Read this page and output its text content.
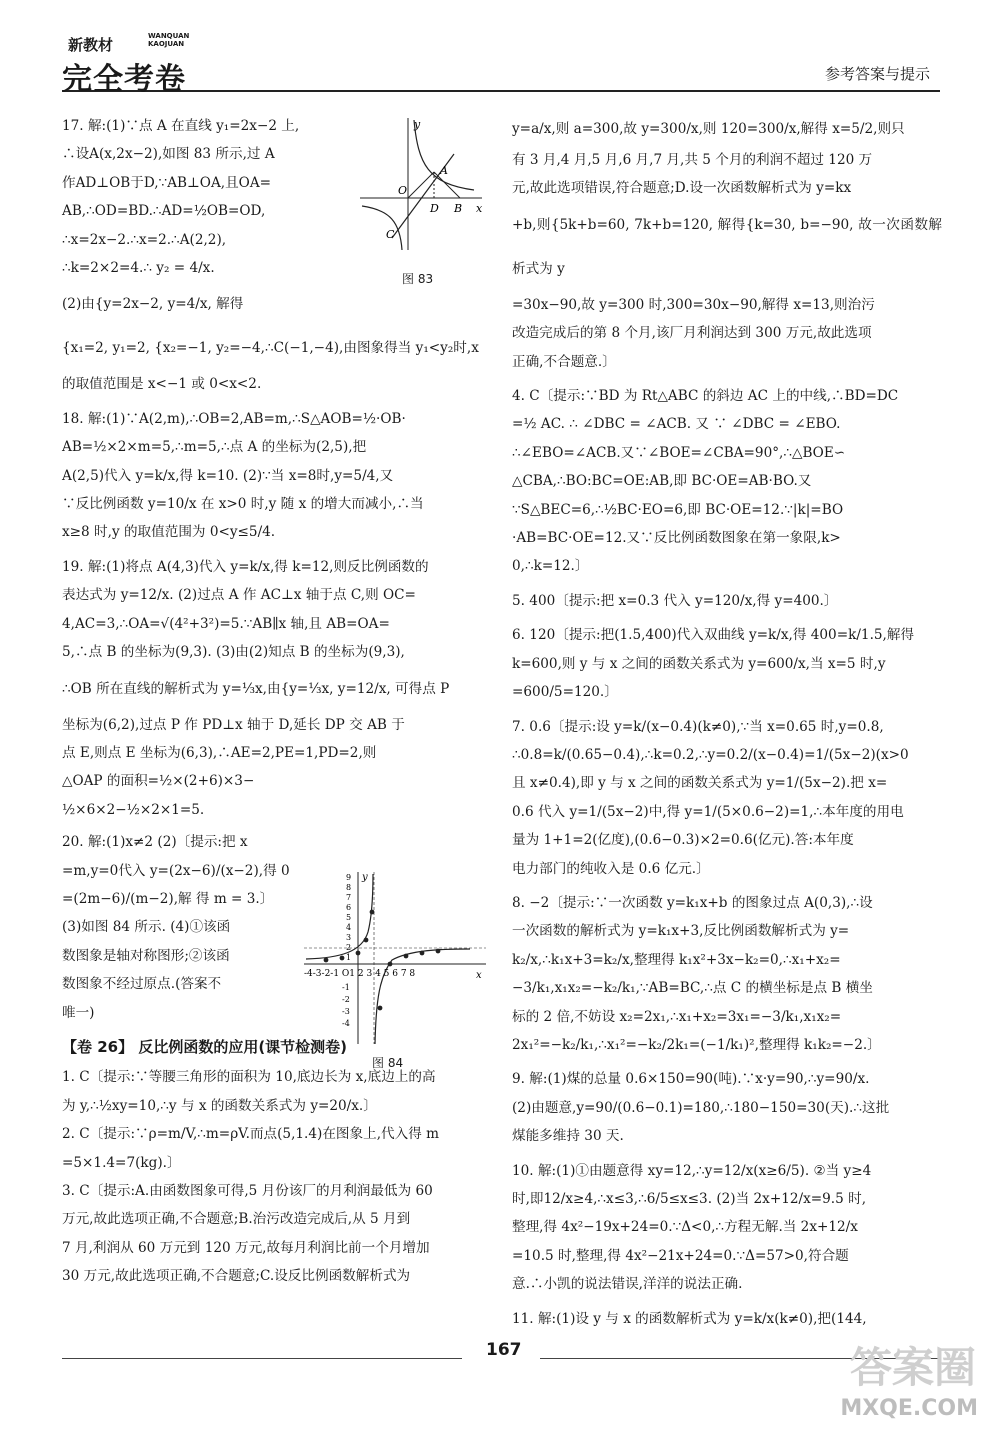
新教材	WANQUAN
KAOJUAN
完全考卷	参考答案与提示

17. 解:(1)∵点 A 在直线 y₁=2x−2 上,

∴设A(x,2x−2),如图 83 所示,过 A

作AD⊥OB于D,∵AB⊥OA,且OA=

AB,∴OD=BD.∴AD=½OB=OD,

∴x=2x−2.∴x=2.∴A(2,2),

∴k=2×2=4.∴ y₂ = 4/x.

(2)由{y=2x−2, y=4/x, 解得

{x₁=2, y₁=2, {x₂=−1, y₂=−4,∴C(−1,−4),由图象得当 y₁<y₂时,x

的取值范围是 x<−1 或 0<x<2.

18. 解:(1)∵A(2,m),∴OB=2,AB=m,∴S△AOB=½·OB·

AB=½×2×m=5,∴m=5,∴点 A 的坐标为(2,5),把

A(2,5)代入 y=k/x,得 k=10. (2)∵当 x=8时,y=5/4,又

∵反比例函数 y=10/x 在 x>0 时,y 随 x 的增大而减小,∴当

x≥8 时,y 的取值范围为 0<y≤5/4.

19. 解:(1)将点 A(4,3)代入 y=k/x,得 k=12,则反比例函数的

表达式为 y=12/x. (2)过点 A 作 AC⊥x 轴于点 C,则 OC=

4,AC=3,∴OA=√(4²+3²)=5.∵AB∥x 轴,且 AB=OA=

5,∴点 B 的坐标为(9,3). (3)由(2)知点 B 的坐标为(9,3),

∴OB 所在直线的解析式为 y=⅓x,由{y=⅓x, y=12/x, 可得点 P

坐标为(6,2),过点 P 作 PD⊥x 轴于 D,延长 DP 交 AB 于

点 E,则点 E 坐标为(6,3),∴AE=2,PE=1,PD=2,则

△OAP 的面积=½×(2+6)×3−

½×6×2−½×2×1=5.

20. 解:(1)x≠2 (2)〔提示:把 x

=m,y=0代入 y=(2x−6)/(x−2),得 0

=(2m−6)/(m−2),解 得 m = 3.〕

(3)如图 84 所示. (4)①该函

数图象是轴对称图形;②该函

数图象不经过原点.(答案不

唯一)

【卷 26】 反比例函数的应用(课节检测卷)

1. C〔提示:∵等腰三角形的面积为 10,底边长为 x,底边上的高

为 y,∴½xy=10,∴y 与 x 的函数关系式为 y=20/x.〕

2. C〔提示:∵ρ=m/V,∴m=ρV.而点(5,1.4)在图象上,代入得 m

=5×1.4=7(kg).〕

3. C〔提示:A.由函数图象可得,5 月份该厂的月利润最低为 60

万元,故此选项正确,不合题意;B.治污改造完成后,从 5 月到

7 月,利润从 60 万元到 120 万元,故每月利润比前一个月增加

30 万元,故此选项正确,不合题意;C.设反比例函数解析式为

y
x
O
A
D B
C
图 83
y
x
-4-3-2-1 O1 2 3 4 5 6 7 8
9
8
7
6
5
4
3
2
1
-1
-2
-3
-4
图 84

y=a/x,则 a=300,故 y=300/x,则 120=300/x,解得 x=5/2,则只

有 3 月,4 月,5 月,6 月,7 月,共 5 个月的利润不超过 120 万

元,故此选项错误,符合题意;D.设一次函数解析式为 y=kx

+b,则{5k+b=60, 7k+b=120, 解得{k=30, b=−90, 故一次函数解析式为 y

=30x−90,故 y=300 时,300=30x−90,解得 x=13,则治污

改造完成后的第 8 个月,该厂月利润达到 300 万元,故此选项

正确,不合题意.〕

4. C〔提示:∵BD 为 Rt△ABC 的斜边 AC 上的中线,∴BD=DC

=½ AC. ∴ ∠DBC = ∠ACB. 又 ∵ ∠DBC = ∠EBO.

∴∠EBO=∠ACB.又∵∠BOE=∠CBA=90°,∴△BOE∽

△CBA,∴BO:BC=OE:AB,即 BC·OE=AB·BO.又

∵S△BEC=6,∴½BC·EO=6,即 BC·OE=12.∵|k|=BO

·AB=BC·OE=12.又∵反比例函数图象在第一象限,k>

0,∴k=12.〕

5. 400〔提示:把 x=0.3 代入 y=120/x,得 y=400.〕

6. 120〔提示:把(1.5,400)代入双曲线 y=k/x,得 400=k/1.5,解得

k=600,则 y 与 x 之间的函数关系式为 y=600/x,当 x=5 时,y

=600/5=120.〕

7. 0.6〔提示:设 y=k/(x−0.4)(k≠0),∵当 x=0.65 时,y=0.8,

∴0.8=k/(0.65−0.4),∴k=0.2,∴y=0.2/(x−0.4)=1/(5x−2)(x>0

且 x≠0.4),即 y 与 x 之间的函数关系式为 y=1/(5x−2).把 x=

0.6 代入 y=1/(5x−2)中,得 y=1/(5×0.6−2)=1,∴本年度的用电

量为 1+1=2(亿度),(0.6−0.3)×2=0.6(亿元).答:本年度

电力部门的纯收入是 0.6 亿元.〕

8. −2〔提示:∵一次函数 y=k₁x+b 的图象过点 A(0,3),∴设

一次函数的解析式为 y=k₁x+3,反比例函数解析式为 y=

k₂/x,∴k₁x+3=k₂/x,整理得 k₁x²+3x−k₂=0,∴x₁+x₂=

−3/k₁,x₁x₂=−k₂/k₁,∵AB=BC,∴点 C 的横坐标是点 B 横坐

标的 2 倍,不妨设 x₂=2x₁,∴x₁+x₂=3x₁=−3/k₁,x₁x₂=

2x₁²=−k₂/k₁,∴x₁²=−k₂/2k₁=(−1/k₁)²,整理得 k₁k₂=−2.〕

9. 解:(1)煤的总量 0.6×150=90(吨).∵x·y=90,∴y=90/x.

(2)由题意,y=90/(0.6−0.1)=180,∴180−150=30(天).∴这批

煤能多维持 30 天.

10. 解:(1)①由题意得 xy=12,∴y=12/x(x≥6/5). ②当 y≥4

时,即12/x≥4,∴x≤3,∴6/5≤x≤3. (2)当 2x+12/x=9.5 时,

整理,得 4x²−19x+24=0.∵Δ<0,∴方程无解.当 2x+12/x

=10.5 时,整理,得 4x²−21x+24=0.∵Δ=57>0,符合题

意.∴小凯的说法错误,洋洋的说法正确.

11. 解:(1)设 y 与 x 的函数解析式为 y=k/x(k≠0),把(144,

167	答案圈
MXQE.COM
